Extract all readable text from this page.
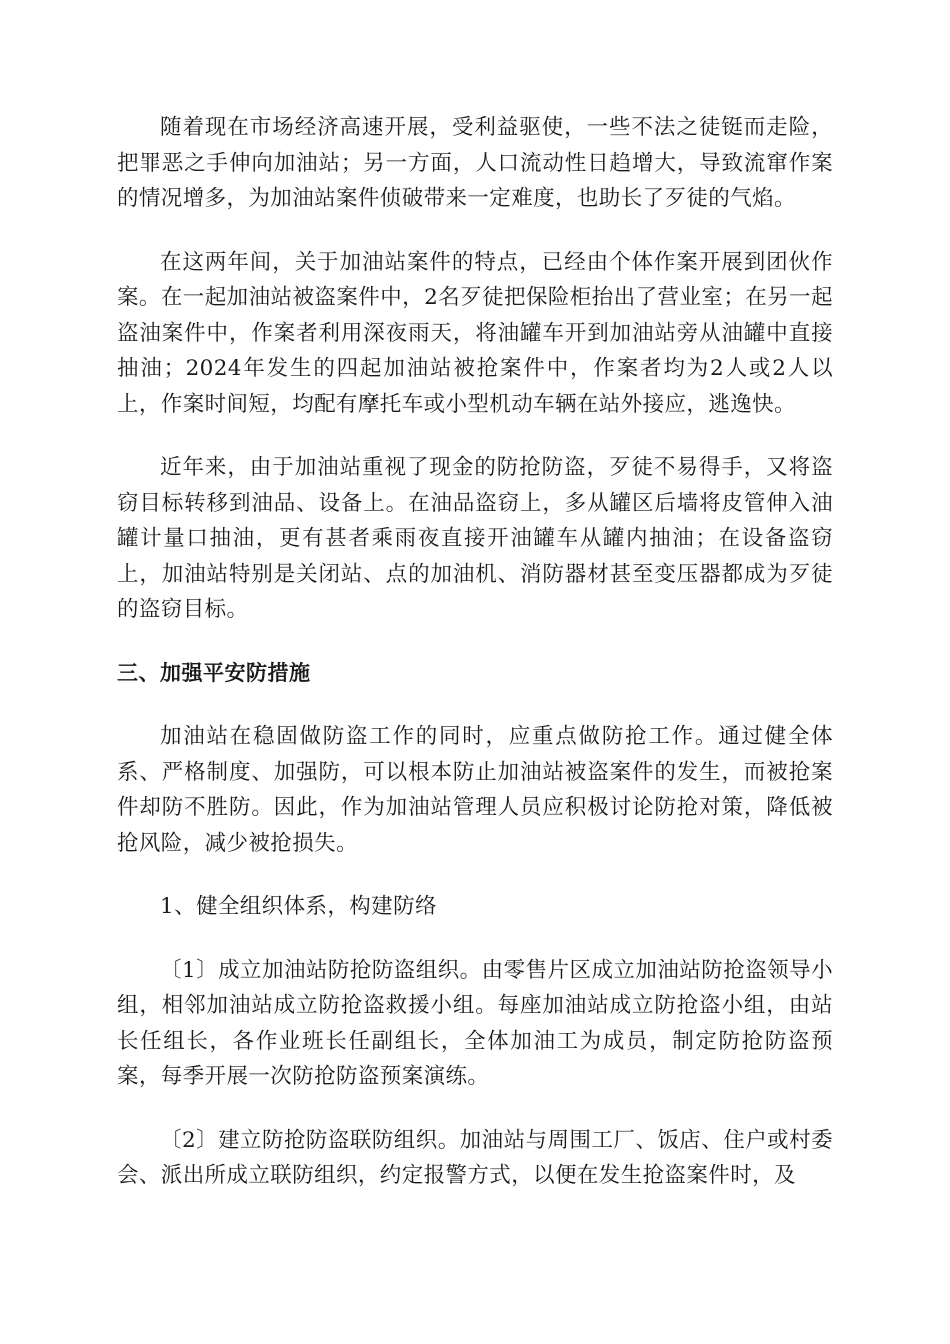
随着现在市场经济高速开展，受利益驱使，一些不法之徒铤而走险，把罪恶之手伸向加油站；另一方面，人口流动性日趋增大，导致流窜作案的情况增多，为加油站案件侦破带来一定难度，也助长了歹徒的气焰。

在这两年间，关于加油站案件的特点，已经由个体作案开展到团伙作案。在一起加油站被盗案件中，2名歹徒把保险柜抬出了营业室；在另一起盗油案件中，作案者利用深夜雨天，将油罐车开到加油站旁从油罐中直接抽油；2024年发生的四起加油站被抢案件中，作案者均为2人或2人以上，作案时间短，均配有摩托车或小型机动车辆在站外接应，逃逸快。

近年来，由于加油站重视了现金的防抢防盗，歹徒不易得手，又将盗窃目标转移到油品、设备上。在油品盗窃上，多从罐区后墙将皮管伸入油罐计量口抽油，更有甚者乘雨夜直接开油罐车从罐内抽油；在设备盗窃上，加油站特别是关闭站、点的加油机、消防器材甚至变压器都成为歹徒的盗窃目标。

三、加强平安防措施

加油站在稳固做防盗工作的同时，应重点做防抢工作。通过健全体系、严格制度、加强防，可以根本防止加油站被盗案件的发生，而被抢案件却防不胜防。因此，作为加油站管理人员应积极讨论防抢对策，降低被抢风险，减少被抢损失。

1、健全组织体系，构建防络

〔1〕成立加油站防抢防盗组织。由零售片区成立加油站防抢盗领导小组，相邻加油站成立防抢盗救援小组。每座加油站成立防抢盗小组，由站长任组长，各作业班长任副组长，全体加油工为成员，制定防抢防盗预案，每季开展一次防抢防盗预案演练。

〔2〕建立防抢防盗联防组织。加油站与周围工厂、饭店、住户或村委会、派出所成立联防组织，约定报警方式，以便在发生抢盗案件时，及
